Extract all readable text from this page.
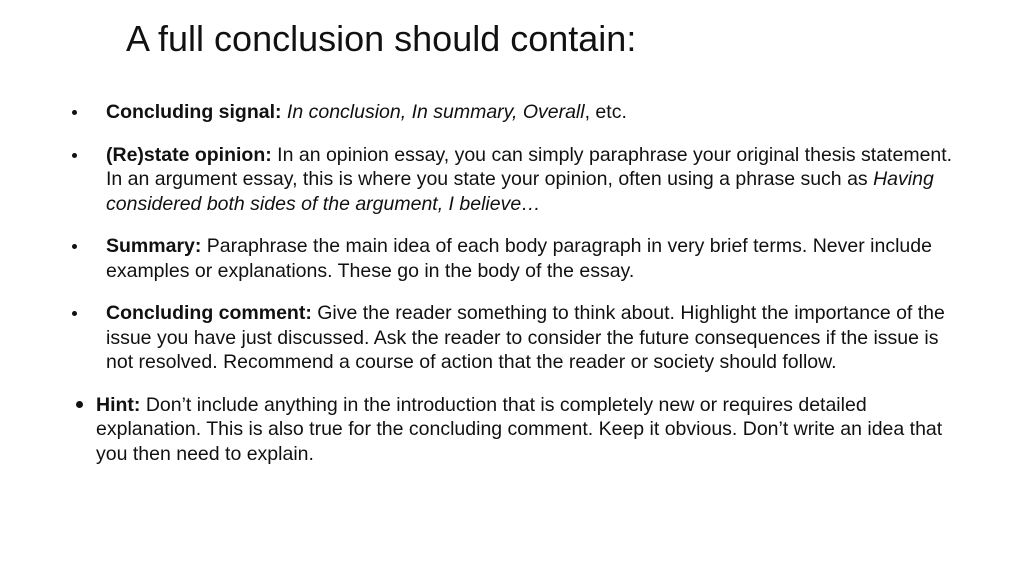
A full conclusion should contain:
Concluding signal: In conclusion, In summary, Overall, etc.
(Re)state opinion: In an opinion essay, you can simply paraphrase your original thesis statement. In an argument essay, this is where you state your opinion, often using a phrase such as Having considered both sides of the argument, I believe…
Summary: Paraphrase the main idea of each body paragraph in very brief terms. Never include examples or explanations. These go in the body of the essay.
Concluding comment: Give the reader something to think about. Highlight the importance of the issue you have just discussed. Ask the reader to consider the future consequences if the issue is not resolved. Recommend a course of action that the reader or society should follow.
Hint: Don’t include anything in the introduction that is completely new or requires detailed explanation. This is also true for the concluding comment. Keep it obvious. Don’t write an idea that you then need to explain.
